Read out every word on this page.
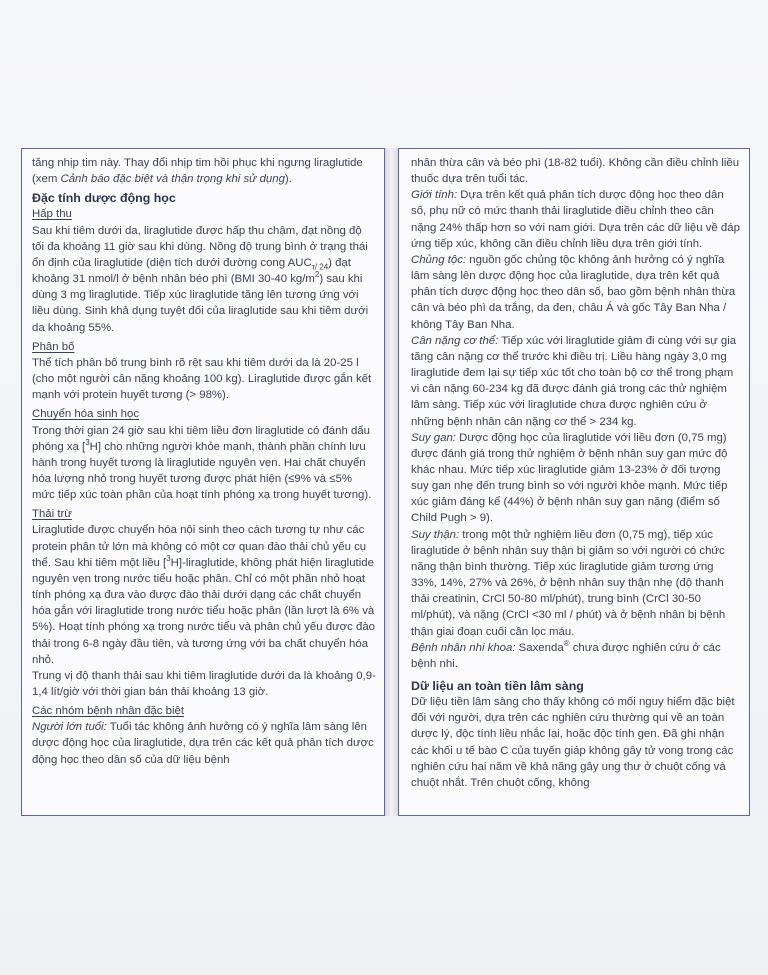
tăng nhịp tim này. Thay đổi nhịp tim hồi phục khi ngưng liraglutide (xem Cảnh báo đặc biệt và thận trọng khi sử dụng).

Đặc tính dược động học

Hấp thu

Sau khi tiêm dưới da, liraglutide được hấp thu chậm, đạt nồng độ tối đa khoảng 11 giờ sau khi dùng. Nồng độ trung bình ở trạng thái ổn định của liraglutide (diện tích dưới đường cong $AUC_{\tau/ 24}$) đạt khoảng 31 nmol/l ở bệnh nhân béo phì (BMI 30-40 $kg/m^2$) sau khi dùng 3 mg liraglutide. Tiếp xúc liraglutide tăng lên tương ứng với liều dùng. Sinh khả dụng tuyệt đối của liraglutide sau khi tiêm dưới da khoảng 55%.

Phân bố

Thể tích phân bố trung bình rõ rệt sau khi tiêm dưới da là 20-25 l (cho một người cân nặng khoảng 100 kg). Liraglutide được gắn kết mạnh với protein huyết tương (> 98%).

Chuyển hóa sinh học

Trong thời gian 24 giờ sau khi tiêm liều đơn liraglutide có đánh dấu phóng xạ [$^3$H] cho những người khỏe mạnh, thành phần chính lưu hành trong huyết tương là liraglutide nguyên vẹn. Hai chất chuyển hóa lượng nhỏ trong huyết tương được phát hiện (≤9% và ≤5% mức tiếp xúc toàn phần của hoạt tính phóng xạ trong huyết tương).

Thải trừ

Liraglutide được chuyển hóa nội sinh theo cách tương tự như các protein phân tử lớn mà không có một cơ quan đào thải chủ yếu cụ thể. Sau khi tiêm một liều [$^3$H]-liraglutide, không phát hiện liraglutide nguyên vẹn trong nước tiểu hoặc phân. Chỉ có một phần nhỏ hoạt tính phóng xạ đưa vào được đào thải dưới dạng các chất chuyển hóa gắn với liraglutide trong nước tiểu hoặc phân (lần lượt là 6% và 5%). Hoạt tính phóng xạ trong nước tiểu và phân chủ yếu được đào thải trong 6-8 ngày đầu tiên, và tương ứng với ba chất chuyển hóa nhỏ.

Trung vị độ thanh thải sau khi tiêm liraglutide dưới da là khoảng 0,9-1,4 lít/giờ với thời gian bán thải khoảng 13 giờ.

Các nhóm bệnh nhân đặc biệt

Người lớn tuổi: Tuổi tác không ảnh hưởng có ý nghĩa lâm sàng lên dược động học của liraglutide, dựa trên các kết quả phân tích dược động học theo dân số của dữ liệu bệnh

nhân thừa cân và béo phì (18-82 tuổi). Không cần điều chỉnh liều thuốc dựa trên tuổi tác.

Giới tính: Dựa trên kết quả phân tích dược động học theo dân số, phụ nữ có mức thanh thải liraglutide điều chỉnh theo cân nặng 24% thấp hơn so với nam giới. Dựa trên các dữ liệu về đáp ứng tiếp xúc, không cần điều chỉnh liều dựa trên giới tính.

Chủng tộc: nguồn gốc chủng tộc không ảnh hưởng có ý nghĩa lâm sàng lên dược động học của liraglutide, dựa trên kết quả phân tích dược động học theo dân số, bao gồm bệnh nhân thừa cân và béo phì da trắng, da đen, châu Á và gốc Tây Ban Nha / không Tây Ban Nha.

Cân nặng cơ thể: Tiếp xúc với liraglutide giảm đi cùng với sự gia tăng cân nặng cơ thể trước khi điều trị. Liều hàng ngày 3,0 mg liraglutide đem lại sự tiếp xúc tốt cho toàn bộ cơ thể trong phạm vi cân nặng 60-234 kg đã được đánh giá trong các thử nghiệm lâm sàng. Tiếp xúc với liraglutide chưa được nghiên cứu ở những bệnh nhân cân nặng cơ thể > 234 kg.

Suy gan: Dược động học của liraglutide với liều đơn (0,75 mg) được đánh giá trong thử nghiệm ở bệnh nhân suy gan mức độ khác nhau. Mức tiếp xúc liraglutide giảm 13-23% ở đối tượng suy gan nhẹ đến trung bình so với người khỏe mạnh. Mức tiếp xúc giảm đáng kể (44%) ở bệnh nhân suy gan nặng (điểm số Child Pugh > 9).

Suy thận: trong một thử nghiệm liều đơn (0,75 mg), tiếp xúc liraglutide ở bệnh nhân suy thận bị giảm so với người có chức năng thận bình thường. Tiếp xúc liraglutide giảm tương ứng 33%, 14%, 27% và 26%, ở bệnh nhân suy thận nhẹ (độ thanh thải creatinin, CrCl 50-80 ml/phút), trung bình (CrCl 30-50 ml/phút), và nặng (CrCl <30 ml / phút) và ở bệnh nhân bị bệnh thận giai đoạn cuối cần lọc máu.

Bệnh nhân nhi khoa: Saxenda® chưa được nghiên cứu ở các bệnh nhi.

Dữ liệu an toàn tiền lâm sàng

Dữ liệu tiền lâm sàng cho thấy không có mối nguy hiểm đặc biệt đối với người, dựa trên các nghiên cứu thường qui về an toàn dược lý, độc tính liều nhắc lại, hoặc độc tính gen. Đã ghi nhận các khối u tế bào C của tuyến giáp không gây tử vong trong các nghiên cứu hai năm về khả năng gây ung thư ở chuột cống và chuột nhắt. Trên chuột cống, không
